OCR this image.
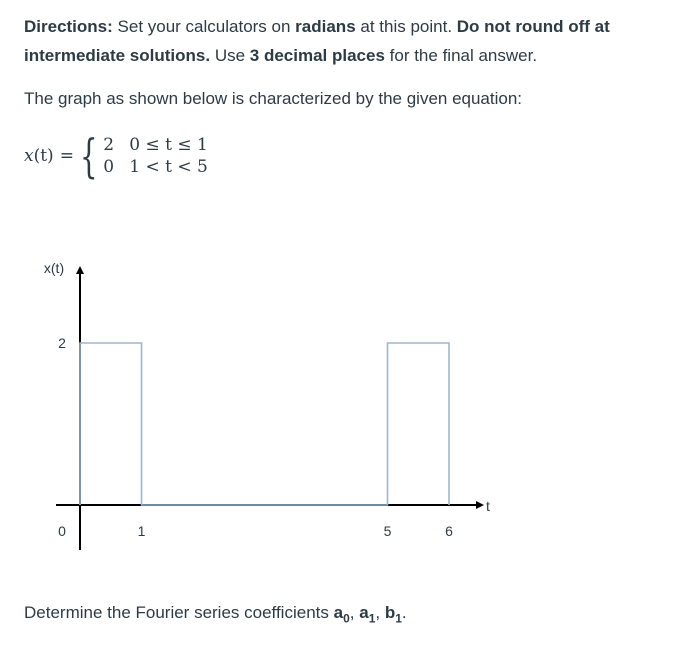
Directions: Set your calculators on radians at this point. Do not round off at intermediate solutions. Use 3 decimal places for the final answer.

The graph as shown below is characterized by the given equation:

x(t) = { 2 0 ≤ t ≤ 1
0 1 < t < 5
0	1	5	6
2
x(t)
t

Determine the Fourier series coefficients $a_0$, $a_1$, $b_1$.
